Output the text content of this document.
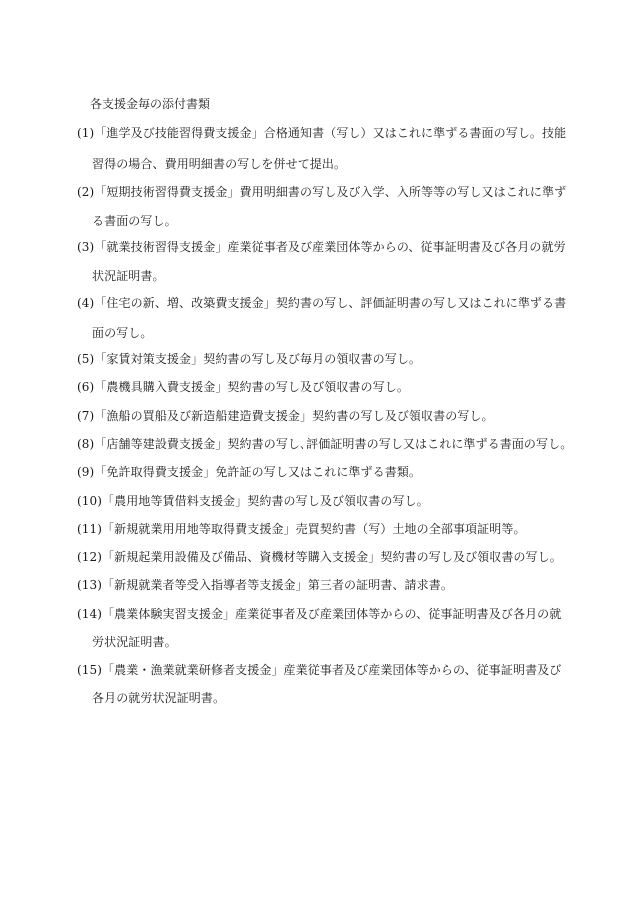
各支援金毎の添付書類
(1)「進学及び技能習得費支援金」合格通知書（写し）又はこれに準ずる書面の写し。技能
習得の場合、費用明細書の写しを併せて提出。
(2)「短期技術習得費支援金」費用明細書の写し及び入学、入所等等の写し又はこれに準ず
る書面の写し。
(3)「就業技術習得支援金」産業従事者及び産業団体等からの、従事証明書及び各月の就労
状況証明書。
(4)「住宅の新、増、改築費支援金」契約書の写し、評価証明書の写し又はこれに準ずる書
面の写し。
(5)「家賃対策支援金」契約書の写し及び毎月の領収書の写し。
(6)「農機具購入費支援金」契約書の写し及び領収書の写し。
(7)「漁船の買船及び新造船建造費支援金」契約書の写し及び領収書の写し。
(8)「店舗等建設費支援金」契約書の写し､評価証明書の写し又はこれに準ずる書面の写し。
(9)「免許取得費支援金」免許証の写し又はこれに準ずる書類。
(10)「農用地等賃借料支援金」契約書の写し及び領収書の写し。
(11)「新規就業用用地等取得費支援金」売買契約書（写）土地の全部事項証明等。
(12)「新規起業用設備及び備品、資機材等購入支援金」契約書の写し及び領収書の写し。
(13)「新規就業者等受入指導者等支援金」第三者の証明書、請求書。
(14)「農業体験実習支援金」産業従事者及び産業団体等からの、従事証明書及び各月の就
労状況証明書。
(15)「農業・漁業就業研修者支援金」産業従事者及び産業団体等からの、従事証明書及び
各月の就労状況証明書。
